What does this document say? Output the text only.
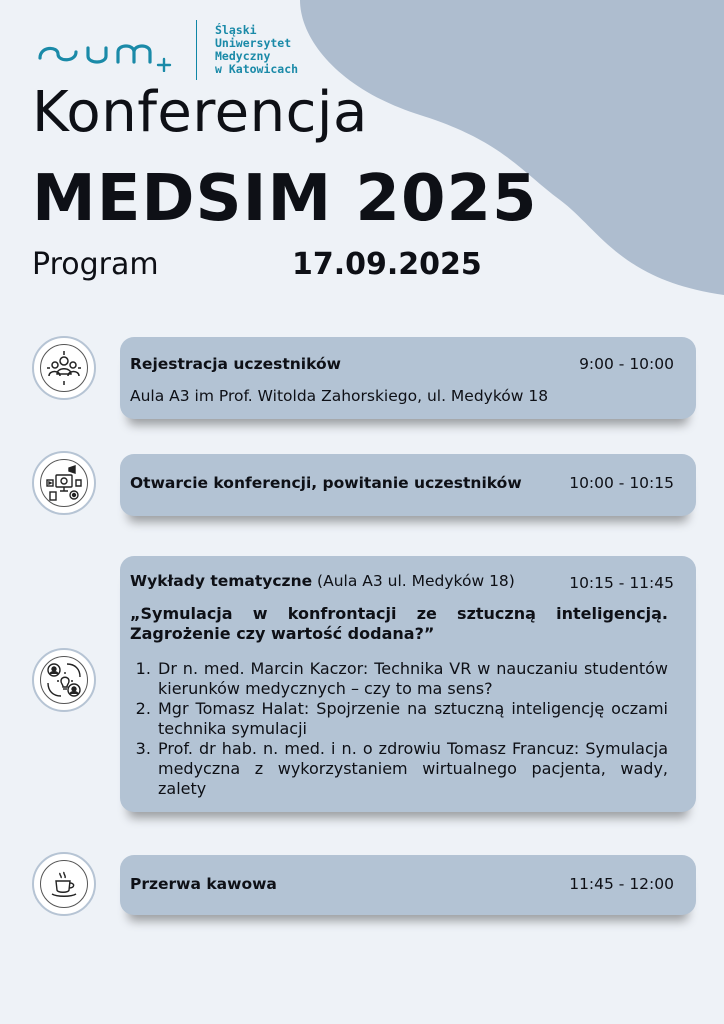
Śląski
Uniwersytet
Medyczny
w Katowicach
Konferencja
MEDSIM 2025
Program	17.09.2025
Rejestracja uczestników	9:00 - 10:00
Aula A3 im Prof. Witolda Zahorskiego, ul. Medyków 18
Otwarcie konferencji, powitanie uczestników	10:00 - 10:15
Wykłady tematyczne (Aula A3 ul. Medyków 18)	10:15 - 11:45
„Symulacja w konfrontacji ze sztuczną inteligencją.
Zagrożenie czy wartość dodana?”
1. Dr n. med. Marcin Kaczor: Technika VR w nauczaniu studentów kierunków medycznych – czy to ma sens?
2. Mgr Tomasz Halat: Spojrzenie na sztuczną inteligencję oczami technika symulacji
3. Prof. dr hab. n. med. i n. o zdrowiu Tomasz Francuz: Symulacja medyczna z wykorzystaniem wirtualnego pacjenta, wady, zalety
Przerwa kawowa	11:45 - 12:00
